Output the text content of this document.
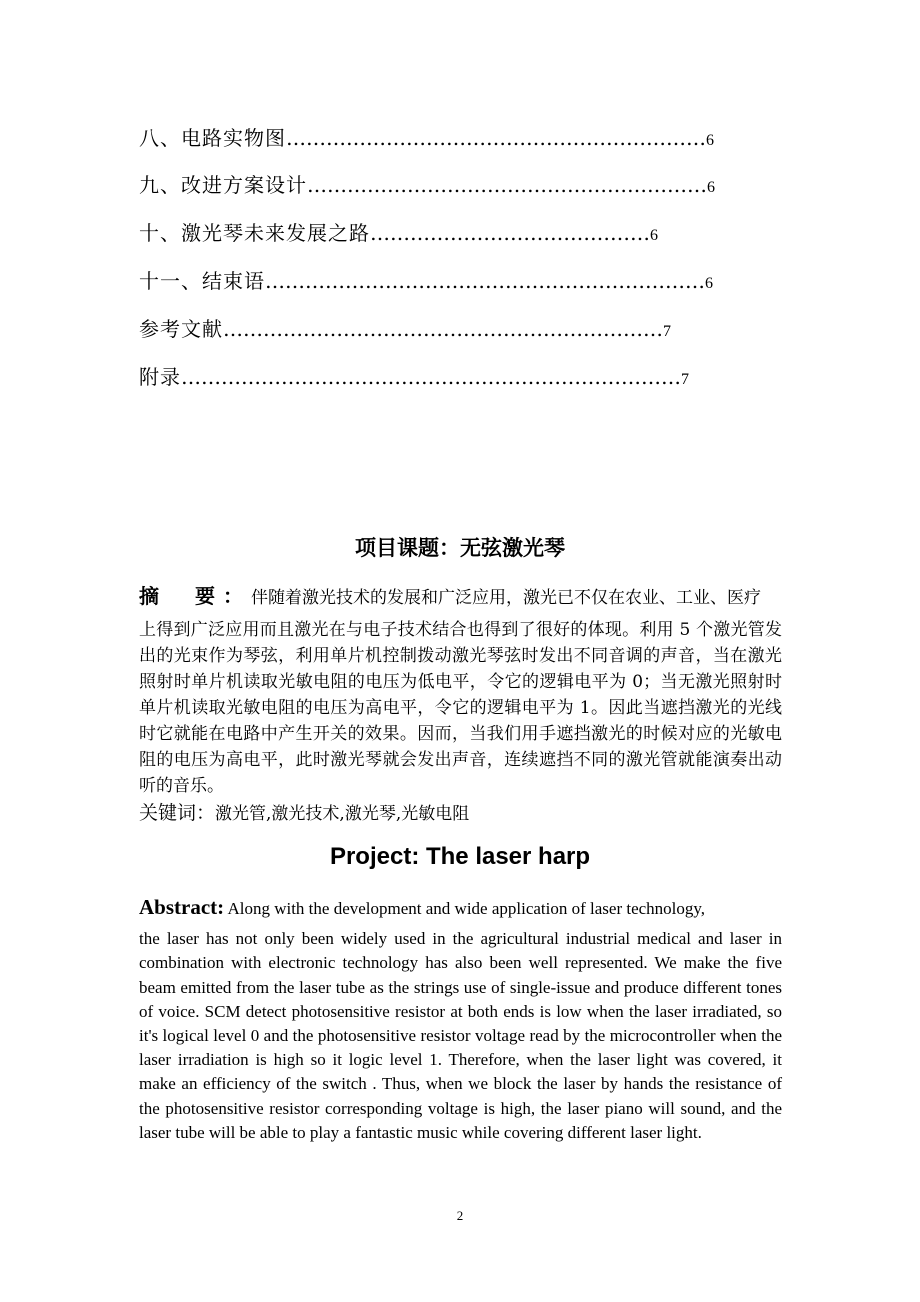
八、电路实物图………………………………………………………6
九、改进方案设计……………………………………………………6
十、激光琴未来发展之路……………………………………6
十一、结束语…………………………………………………………6
参考文献…………………………………………………………7
附录…………………………………………………………………7
项目课题：无弦激光琴
摘　要：伴随着激光技术的发展和广泛应用，激光已不仅在农业、工业、医疗
上得到广泛应用而且激光在与电子技术结合也得到了很好的体现。利用 5 个激光管发出的光束作为琴弦，利用单片机控制拨动激光琴弦时发出不同音调的声音，当在激光照射时单片机读取光敏电阻的电压为低电平，令它的逻辑电平为 0；当无激光照射时单片机读取光敏电阻的电压为高电平，令它的逻辑电平为 1。因此当遮挡激光的光线时它就能在电路中产生开关的效果。因而，当我们用手遮挡激光的时候对应的光敏电阻的电压为高电平，此时激光琴就会发出声音，连续遮挡不同的激光管就能演奏出动听的音乐。
关键词：激光管,激光技术,激光琴,光敏电阻
Project: The laser harp
Abstract: Along with the development and wide application of laser technology,
the laser has not only been widely used in the agricultural industrial medical and laser in combination with electronic technology has also been well represented. We make the five beam emitted from the laser tube as the strings use of single-issue and produce different tones of voice. SCM detect photosensitive resistor at both ends is low when the laser irradiated, so it's logical level 0 and the photosensitive resistor voltage read by the microcontroller when the laser irradiation is high so it logic level 1. Therefore, when the laser light was covered, it make an efficiency of the switch . Thus, when we block the laser by hands the resistance of the photosensitive resistor corresponding voltage is high, the laser piano will sound, and the laser tube will be able to play a fantastic music while covering different laser light.
2
